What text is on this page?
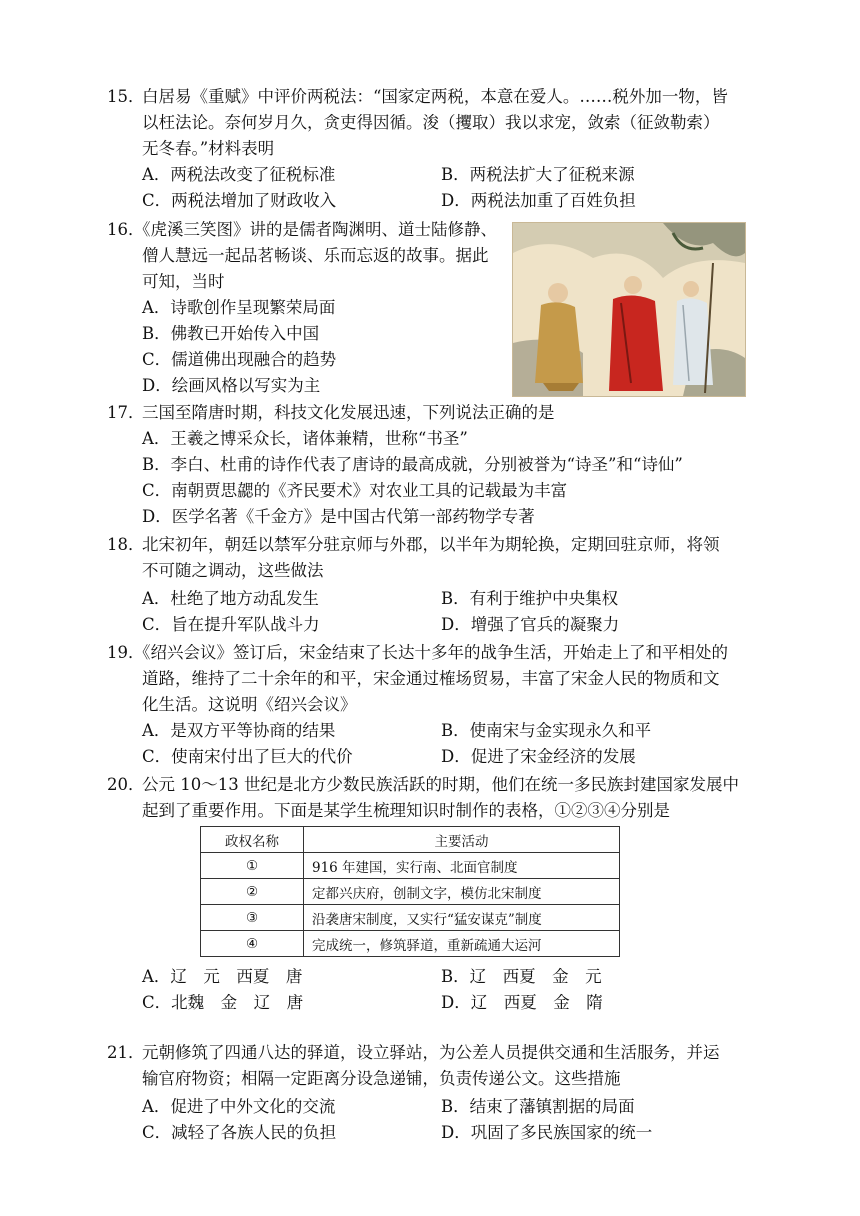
15．
白居易《重赋》中评价两税法：“国家定两税，本意在爱人。……税外加一物，皆
以枉法论。奈何岁月久，贪吏得因循。浚（攫取）我以求宠，敛索（征敛勒索）
无冬春。”材料表明
A．两税法改变了征税标准	B．两税法扩大了征税来源
C．两税法增加了财政收入	D．两税法加重了百姓负担
16．
《虎溪三笑图》讲的是儒者陶渊明、道士陆修静、
僧人慧远一起品茗畅谈、乐而忘返的故事。据此
可知，当时
A．诗歌创作呈现繁荣局面
B．佛教已开始传入中国
C．儒道佛出现融合的趋势
D．绘画风格以写实为主
17．
三国至隋唐时期，科技文化发展迅速，下列说法正确的是
A．王羲之博采众长，诸体兼精，世称“书圣”
B．李白、杜甫的诗作代表了唐诗的最高成就，分别被誉为“诗圣”和“诗仙”
C．南朝贾思勰的《齐民要术》对农业工具的记载最为丰富
D．医学名著《千金方》是中国古代第一部药物学专著
18．
北宋初年，朝廷以禁军分驻京师与外郡，以半年为期轮换，定期回驻京师，将领
不可随之调动，这些做法
A．杜绝了地方动乱发生	B．有利于维护中央集权
C．旨在提升军队战斗力	D．增强了官兵的凝聚力
19．
《绍兴会议》签订后，宋金结束了长达十多年的战争生活，开始走上了和平相处的
道路，维持了二十余年的和平，宋金通过榷场贸易，丰富了宋金人民的物质和文
化生活。这说明《绍兴会议》
A．是双方平等协商的结果	B．使南宋与金实现永久和平
C．使南宋付出了巨大的代价	D．促进了宋金经济的发展
20．
公元 10～13 世纪是北方少数民族活跃的时期，他们在统一多民族封建国家发展中
起到了重要作用。下面是某学生梳理知识时制作的表格，①②③④分别是
A．辽　元　西夏　唐	B．辽　西夏　金　元
C．北魏　金　辽　唐	D．辽　西夏　金　隋
政权名称	主要活动
①	916 年建国，实行南、北面官制度
②	定都兴庆府，创制文字，模仿北宋制度
③	沿袭唐宋制度，又实行“猛安谋克”制度
④	完成统一，修筑驿道，重新疏通大运河
21．
元朝修筑了四通八达的驿道，设立驿站，为公差人员提供交通和生活服务，并运
输官府物资；相隔一定距离分设急递铺，负责传递公文。这些措施
A．促进了中外文化的交流	B．结束了藩镇割据的局面
C．减轻了各族人民的负担	D．巩固了多民族国家的统一
